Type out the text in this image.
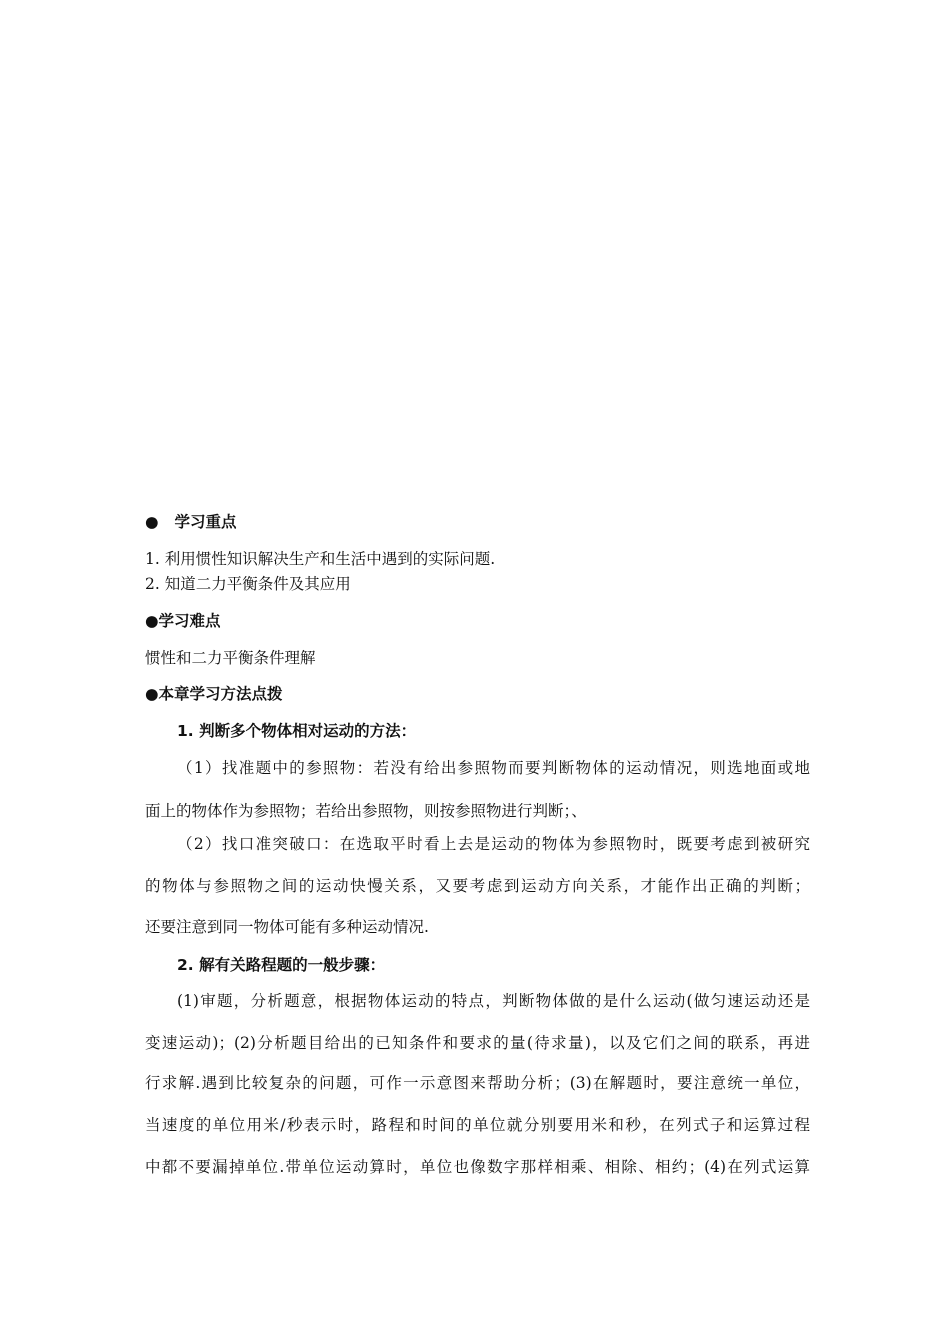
● 学习重点
1. 利用惯性知识解决生产和生活中遇到的实际问题.
2. 知道二力平衡条件及其应用
●学习难点
惯性和二力平衡条件理解
●本章学习方法点拨
1. 判断多个物体相对运动的方法：
（1）找准题中的参照物：若没有给出参照物而要判断物体的运动情况，则选地面或地
面上的物体作为参照物；若给出参照物，则按参照物进行判断；、
（2）找口准突破口：在选取平时看上去是运动的物体为参照物时，既要考虑到被研究
的物体与参照物之间的运动快慢关系，又要考虑到运动方向关系，才能作出正确的判断；
还要注意到同一物体可能有多种运动情况.
2. 解有关路程题的一般步骤：
(1)审题，分析题意，根据物体运动的特点，判断物体做的是什么运动(做匀速运动还是
变速运动)；(2)分析题目给出的已知条件和要求的量(待求量)，以及它们之间的联系，再进
行求解.遇到比较复杂的问题，可作一示意图来帮助分析；(3)在解题时，要注意统一单位，
当速度的单位用米/秒表示时，路程和时间的单位就分别要用米和秒，在列式子和运算过程
中都不要漏掉单位.带单位运动算时，单位也像数字那样相乘、相除、相约；(4)在列式运算
